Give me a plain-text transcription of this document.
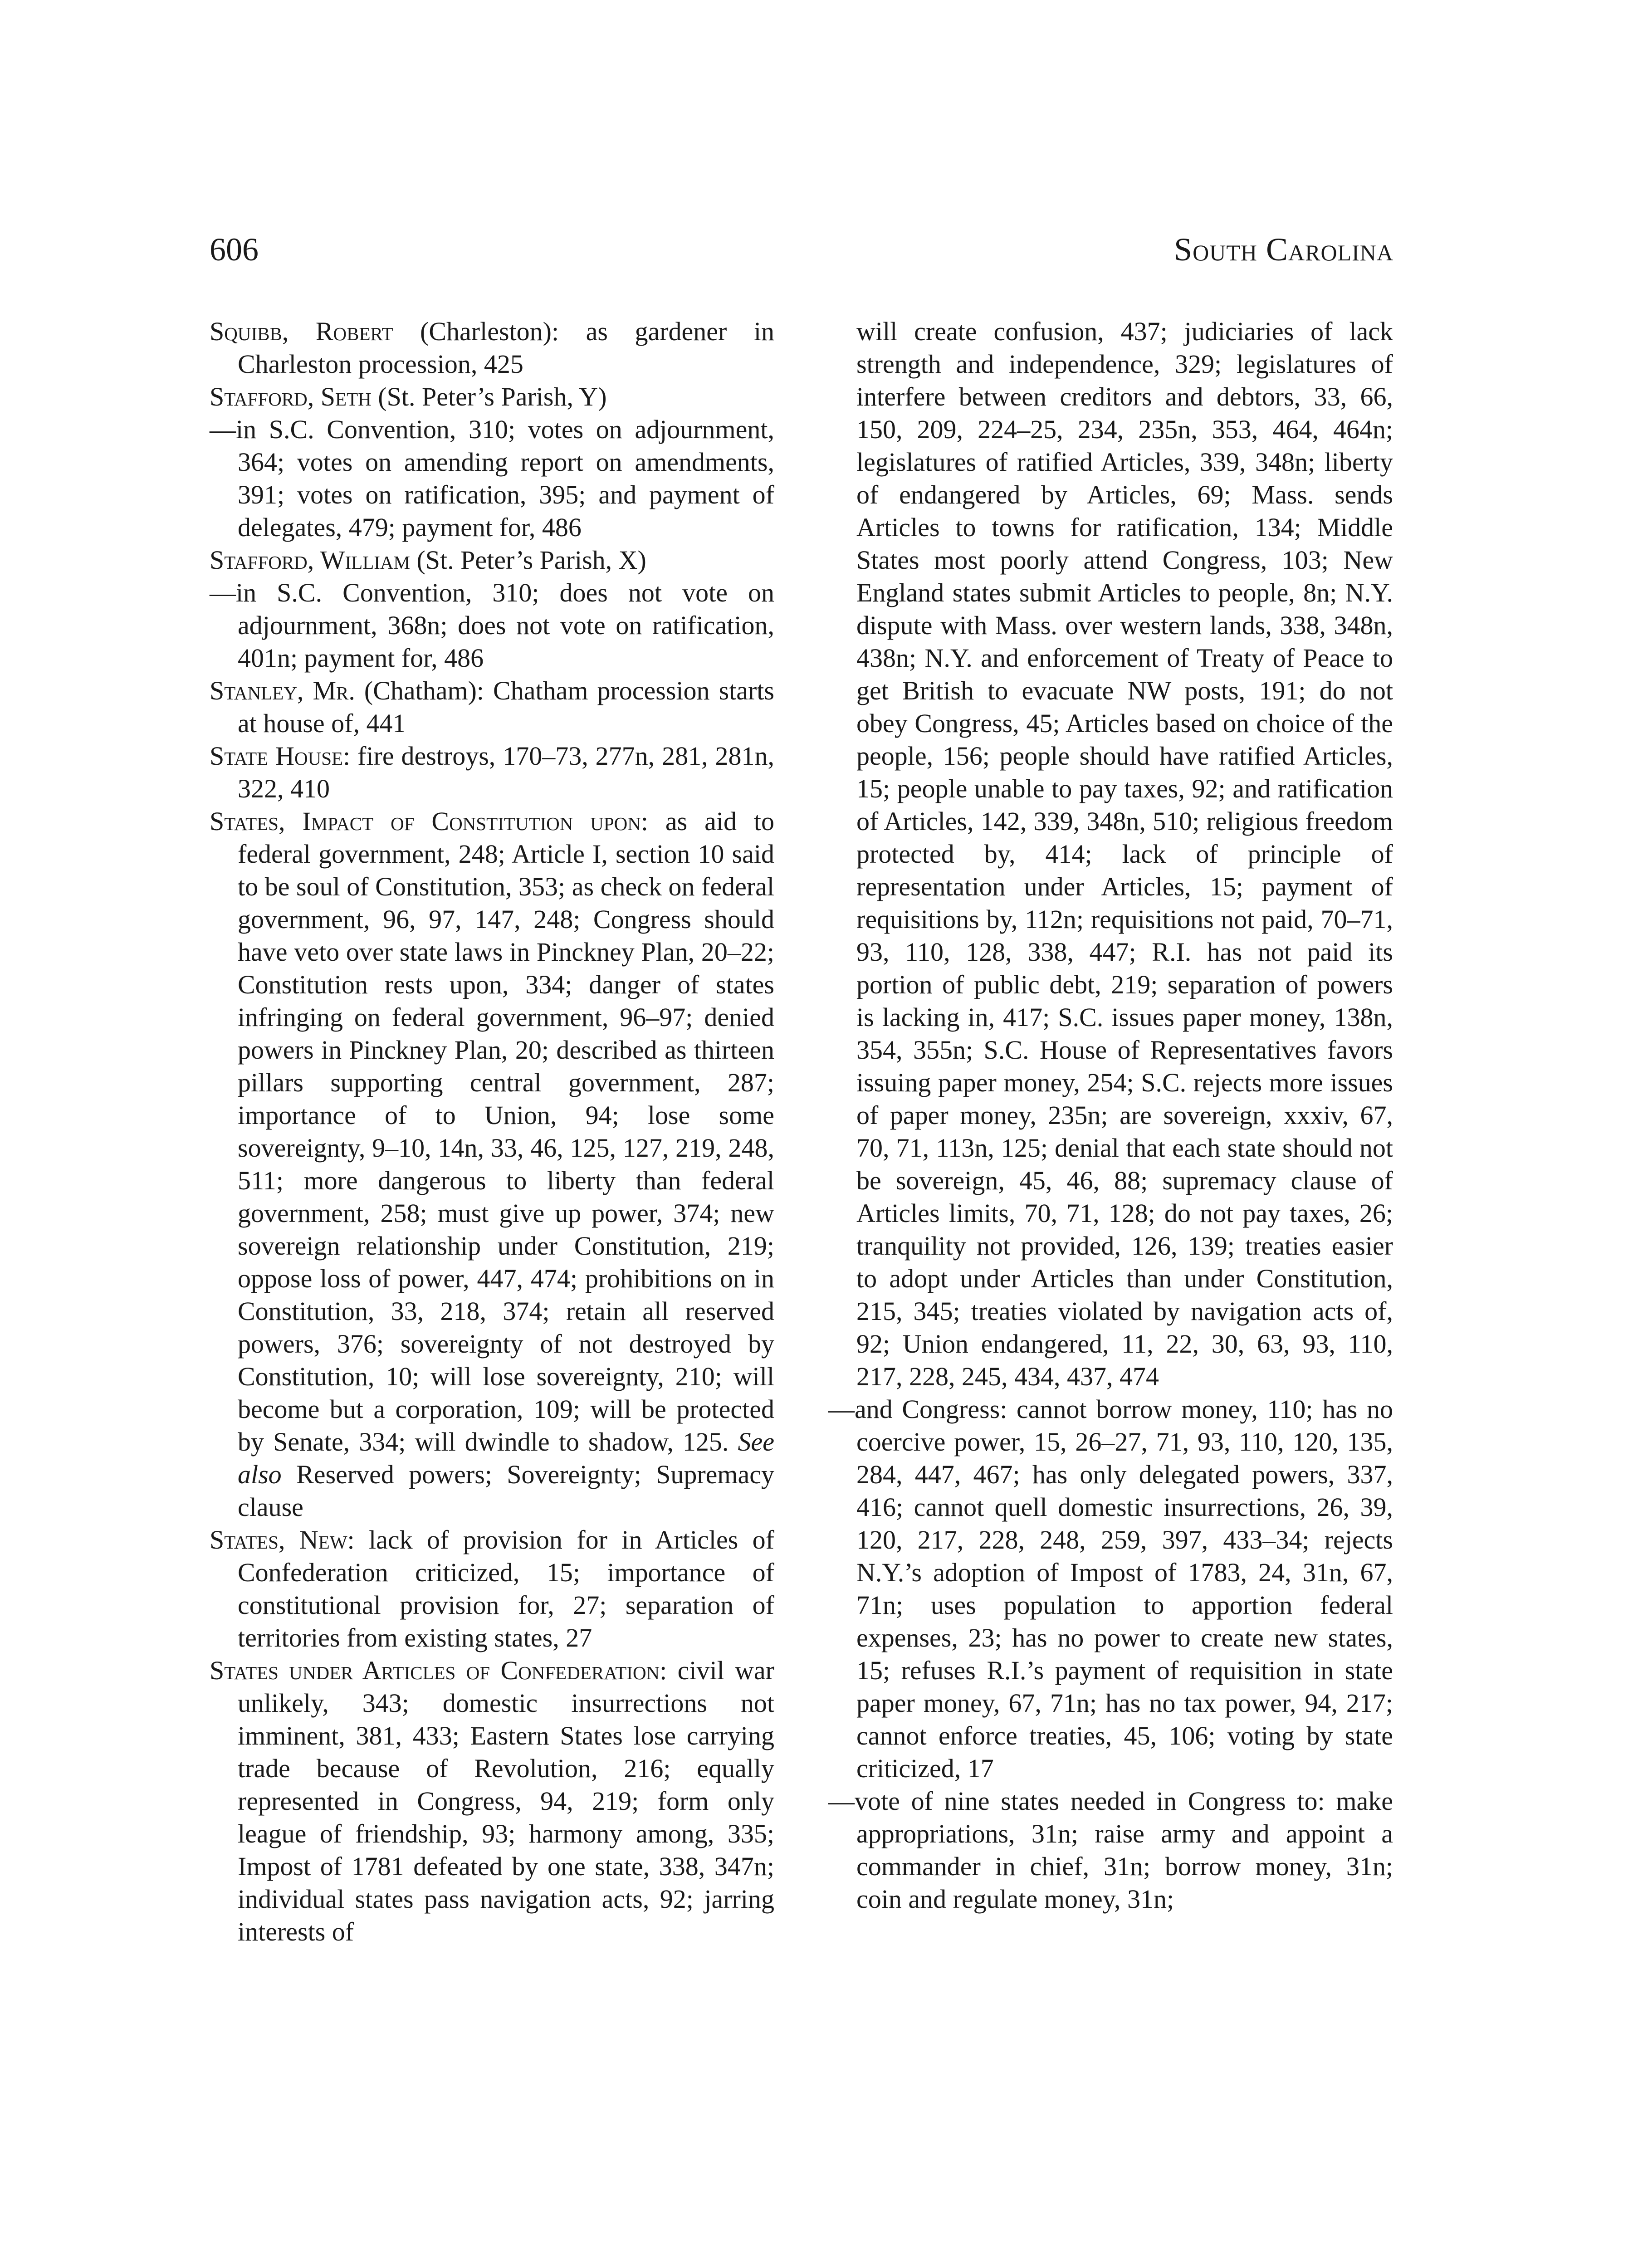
606	South Carolina

Squibb, Robert (Charleston): as gardener in Charleston procession, 425

Stafford, Seth (St. Peter’s Parish, Y)

—in S.C. Convention, 310; votes on adjournment, 364; votes on amending report on amendments, 391; votes on ratification, 395; and payment of delegates, 479; payment for, 486

Stafford, William (St. Peter’s Parish, X)

—in S.C. Convention, 310; does not vote on adjournment, 368n; does not vote on ratification, 401n; payment for, 486

Stanley, Mr. (Chatham): Chatham procession starts at house of, 441

State House: fire destroys, 170–73, 277n, 281, 281n, 322, 410

States, Impact of Constitution upon: as aid to federal government, 248; Article I, section 10 said to be soul of Constitution, 353; as check on federal government, 96, 97, 147, 248; Congress should have veto over state laws in Pinckney Plan, 20–22; Constitution rests upon, 334; danger of states infringing on federal government, 96–97; denied powers in Pinckney Plan, 20; described as thirteen pillars supporting central government, 287; importance of to Union, 94; lose some sovereignty, 9–10, 14n, 33, 46, 125, 127, 219, 248, 511; more dangerous to liberty than federal government, 258; must give up power, 374; new sovereign relationship under Constitution, 219; oppose loss of power, 447, 474; prohibitions on in Constitution, 33, 218, 374; retain all reserved powers, 376; sovereignty of not destroyed by Constitution, 10; will lose sovereignty, 210; will become but a corporation, 109; will be protected by Senate, 334; will dwindle to shadow, 125. See also Reserved powers; Sovereignty; Supremacy clause

States, New: lack of provision for in Articles of Confederation criticized, 15; importance of constitutional provision for, 27; separation of territories from existing states, 27

States under Articles of Confederation: civil war unlikely, 343; domestic insurrections not imminent, 381, 433; Eastern States lose carrying trade because of Revolution, 216; equally represented in Congress, 94, 219; form only league of friendship, 93; harmony among, 335; Impost of 1781 defeated by one state, 338, 347n; individual states pass navigation acts, 92; jarring interests of

will create confusion, 437; judiciaries of lack strength and independence, 329; legislatures of interfere between creditors and debtors, 33, 66, 150, 209, 224–25, 234, 235n, 353, 464, 464n; legislatures of ratified Articles, 339, 348n; liberty of endangered by Articles, 69; Mass. sends Articles to towns for ratification, 134; Middle States most poorly attend Congress, 103; New England states submit Articles to people, 8n; N.Y. dispute with Mass. over western lands, 338, 348n, 438n; N.Y. and enforcement of Treaty of Peace to get British to evacuate NW posts, 191; do not obey Congress, 45; Articles based on choice of the people, 156; people should have ratified Articles, 15; people unable to pay taxes, 92; and ratification of Articles, 142, 339, 348n, 510; religious freedom protected by, 414; lack of principle of representation under Articles, 15; payment of requisitions by, 112n; requisitions not paid, 70–71, 93, 110, 128, 338, 447; R.I. has not paid its portion of public debt, 219; separation of powers is lacking in, 417; S.C. issues paper money, 138n, 354, 355n; S.C. House of Representatives favors issuing paper money, 254; S.C. rejects more issues of paper money, 235n; are sovereign, xxxiv, 67, 70, 71, 113n, 125; denial that each state should not be sovereign, 45, 46, 88; supremacy clause of Articles limits, 70, 71, 128; do not pay taxes, 26; tranquility not provided, 126, 139; treaties easier to adopt under Articles than under Constitution, 215, 345; treaties violated by navigation acts of, 92; Union endangered, 11, 22, 30, 63, 93, 110, 217, 228, 245, 434, 437, 474

—and Congress: cannot borrow money, 110; has no coercive power, 15, 26–27, 71, 93, 110, 120, 135, 284, 447, 467; has only delegated powers, 337, 416; cannot quell domestic insurrections, 26, 39, 120, 217, 228, 248, 259, 397, 433–34; rejects N.Y.’s adoption of Impost of 1783, 24, 31n, 67, 71n; uses population to apportion federal expenses, 23; has no power to create new states, 15; refuses R.I.’s payment of requisition in state paper money, 67, 71n; has no tax power, 94, 217; cannot enforce treaties, 45, 106; voting by state criticized, 17

—vote of nine states needed in Congress to: make appropriations, 31n; raise army and appoint a commander in chief, 31n; borrow money, 31n; coin and regulate money, 31n;
